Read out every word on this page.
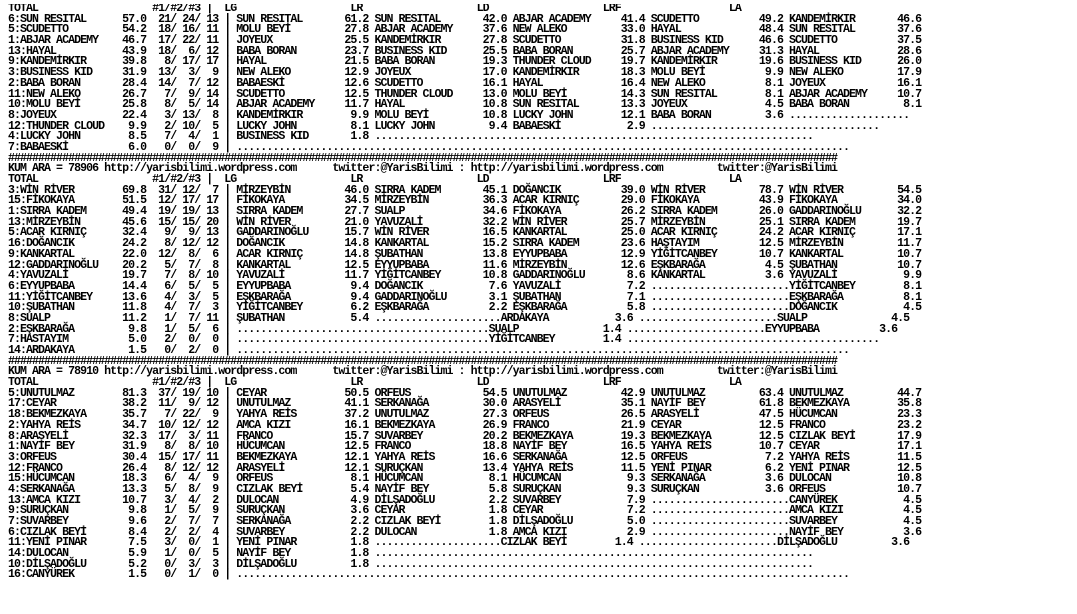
TOTAL                   #1/#2/#3 |  LG                   LR                   LD                   LRF                  LA
6:SUN RESITAL      57.0  21/ 24/ 13 | SUN RESITAL       61.2 SUN RESITAL       42.0 ABJAR ACADEMY     41.4 SCUDETTO          49.2 KANDEMİRKIR       46.6
5:SCUDETTO         54.2  18/ 16/ 11 | MOLU BEYİ         27.8 ABJAR ACADEMY     37.6 NEW ALEKO         33.0 HAYAL             48.4 SUN RESITAL       37.6
1:ABJAR ACADEMY    46.7  17/ 22/ 11 | JOYEUX            25.5 KANDEMİRKIR       27.8 SCUDETTO          31.8 BUSINESS KID      46.6 SCUDETTO          37.5
13:HAYAL           43.9  18/  6/ 12 | BABA BORAN        23.7 BUSINESS KID      25.5 BABA BORAN        25.7 ABJAR ACADEMY     31.3 HAYAL             28.6
9:KANDEMİRKIR      39.8   8/ 17/ 17 | HAYAL             21.5 BABA BORAN        19.3 THUNDER CLOUD     19.7 KANDEMİRKIR       19.6 BUSINESS KID      26.0
3:BUSINESS KID     31.9  13/  3/  9 | NEW ALEKO         12.9 JOYEUX            17.0 KANDEMİRKIR       18.3 MOLU BEYİ          9.9 NEW ALEKO         17.9
2:BABA BORAN       28.4  14/  7/ 12 | BABAESKİ          12.6 SCUDETTO          16.1 HAYAL             16.4 NEW ALEKO          8.1 JOYEUX            16.1
11:NEW ALEKO       26.7   7/  9/ 14 | SCUDETTO          12.5 THUNDER CLOUD     13.0 MOLU BEYİ         14.3 SUN RESITAL        8.1 ABJAR ACADEMY     10.7
10:MOLU BEYİ       25.8   8/  5/ 14 | ABJAR ACADEMY     11.7 HAYAL             10.8 SUN RESITAL       13.3 JOYEUX             4.5 BABA BORAN         8.1
8:JOYEUX           22.4   3/ 13/  8 | KANDEMİRKIR        9.9 MOLU BEYİ         10.8 LUCKY JOHN        12.1 BABA BORAN         3.6 ....................
12:THUNDER CLOUD    9.9   2/ 10/  5 | LUCKY JOHN         8.1 LUCKY JOHN         9.4 BABAESKİ           2.9 ......................................
4:LUCKY JOHN        8.5   7/  4/  1 | BUSINESS KID       1.8 .........................................................................
7:BABAESKİ          6.0   0/  0/  9 | ......................................................................................................
##########################################################################################################################################
KUM ARA = 78906 http://yarisbilimi.wordpress.com      twitter:@YarisBilimi : http://yarisbilimi.wordpress.com         twitter:@YarisBilimi
TOTAL                   #1/#2/#3 |  LG                   LR                   LD                   LRF                  LA
3:WİN RİVER        69.8  31/ 12/  7 | MİRZEYBİN         46.0 SIRRA KADEM       45.1 DOĞANCIK          39.0 WİN RİVER         78.7 WİN RİVER         54.5
15:FİKOKAYA        51.5  12/ 17/ 17 | FİKOKAYA          34.5 MİRZEYBİN         36.3 ACAR KIRNIÇ       29.0 FİKOKAYA          43.9 FİKOKAYA          34.0
1:SIRRA KADEM      49.4  19/ 19/ 13 | SIRRA KADEM       27.7 SUALP             34.6 FİKOKAYA          26.2 SIRRA KADEM       26.0 GADDARINOĞLU      32.2
13:MİRZEYBİN       45.6  15/ 15/ 20 | WİN RİVER         21.0 YAVUZALİ          32.2 WİN RİVER         25.7 MİRZEYBİN         25.1 SIRRA KADEM       19.7
5:ACAR KIRNIÇ      32.4   9/  9/ 13 | GADDARINOĞLU      15.7 WİN RİVER         16.5 KANKARTAL         25.0 ACAR KIRNIÇ       24.2 ACAR KIRNIÇ       17.1
16:DOĞANCIK        24.2   8/ 12/ 12 | DOĞANCIK          14.8 KANKARTAL         15.2 SIRRA KADEM       23.6 HAŞTAYIM          12.5 MİRZEYBİN         11.7
9:KANKARTAL        22.0  12/  8/  6 | ACAR KIRNIÇ       14.8 ŞUBATHAN          13.8 EYYUPBABA         12.9 YİĞİTCANBEY       10.7 KANKARTAL         10.7
12:GADDARINOĞLU    20.2   5/  7/  8 | KANKARTAL         12.5 EYYUPBABA         11.6 MİRZEYBİN         12.6 EŞKBARAĞA          4.5 ŞUBATHAN          10.7
4:YAVUZALİ         19.7   7/  8/ 10 | YAVUZALİ          11.7 YİĞİTCANBEY       10.8 GADDARINOĞLU       8.6 KANKARTAL          3.6 YAVUZALİ           9.9
6:EYYUPBABA        14.4   6/  5/  5 | EYYUPBABA          9.4 DOĞANCIK           7.6 YAVUZALİ           7.2 .......................YİĞİTCANBEY        8.1
11:YİĞİTCANBEY     13.6   4/  3/  5 | EŞKBARAĞA          9.4 GADDARINOĞLU       3.1 ŞUBATHAN           7.1 .......................EŞKBARAĞA          8.1
10:ŞUBATHAN        11.8   4/  7/  3 | YİĞİTCANBEY        6.2 EŞKBARAĞA          2.2 EŞKBARAĞA          5.8 .......................DOĞANCIK           4.5
8:SUALP            11.2   1/  7/ 11 | ŞUBATHAN           5.4 .....................ARDAKAYA           3.6 .......................SUALP              4.5
2:EŞKBARAĞA         9.8   1/  5/  6 | ..........................................SUALP              1.4 .......................EYYUPBABA          3.6
7:HASTAYIM          5.0   2/  0/  0 | ..........................................YİĞİTCANBEY        1.4 ..........................................
14:ARDAKAYA         1.5   0/  2/  0 | ......................................................................................................
##########################################################################################################################################
KUM ARA = 78910 http://yarisbilimi.wordpress.com      twitter:@YarisBilimi : http://yarisbilimi.wordpress.com         twitter:@YarisBilimi
TOTAL                   #1/#2/#3 |  LG                   LR                   LD                   LRF                  LA
5:UNUTULMAZ        81.3  37/ 19/ 10 | CEYAR             50.5 ORFEUS            54.5 UNUTULMAZ         42.9 UNUTULMAZ         63.4 UNUTULMAZ         44.7
17:CEYAR           38.2  11/  9/ 12 | UNUTULMAZ         41.1 SERKANAĞA         30.0 ARASYELİ          35.1 NAYİF BEY         61.8 BEKMEZKAYA        35.8
18:BEKMEZKAYA      35.7   7/ 22/  9 | YAHYA REİS        37.2 UNUTULMAZ         27.3 ORFEUS            26.5 ARASYELİ          47.5 HÜCUMCAN          23.3
2:YAHYA REİS       34.7  10/ 12/ 12 | AMCA KIZI         16.1 BEKMEZKAYA        26.9 FRANCO            21.9 CEYAR             12.5 FRANCO            23.2
8:ARASYELİ         32.3  17/  3/ 11 | FRANCO            15.7 SUVARBEY          20.2 BEKMEZKAYA        19.3 BEKMEZKAYA        12.5 CIZLAK BEYİ       17.9
1:NAYİF BEY        31.9   8/  8/ 10 | HÜCUMCAN          12.5 FRANCO            18.8 NAYİF BEY         16.5 YAHYA REİS        10.7 CEYAR             17.1
3:ORFEUS           30.4  15/ 17/ 11 | BEKMEZKAYA        12.1 YAHYA REİS        16.6 SERKANAĞA         12.5 ORFEUS             7.2 YAHYA REİS        11.5
12:FRANCO          26.4   8/ 12/ 12 | ARASYELİ          12.1 SURUÇKAN          13.4 YAHYA REİS        11.5 YENİ PINAR         6.2 YENİ PINAR        12.5
15:HÜCUMCAN        18.3   6/  4/  9 | ORFEUS             8.1 HÜCUMCAN           8.1 HÜCUMCAN           9.3 SERKANAĞA          3.6 DULOCAN           10.8
4:SERKANAĞA        13.3   5/  8/  9 | CIZLAK BEYİ        5.4 NAYİF BEY          5.8 SURUÇKAN           9.3 SURUÇKAN           3.6 ORFEUS            10.7
13:AMCA KIZI       10.7   3/  4/  2 | DULOCAN            4.9 DİLŞADOĞLU         2.2 SUVARBEY           7.9 .......................CANYÜREK           4.5
9:SURUÇKAN          9.8   1/  5/  9 | SURUÇKAN           3.6 CEYAR              1.8 CEYAR              7.2 .......................AMCA KIZI          4.5
7:SUVARBEY          9.6   2/  7/  7 | SERKANAĞA          2.2 CIZLAK BEYİ        1.8 DİLŞADOĞLU         5.0 .......................SUVARBEY           4.5
6:CIZLAK BEYİ       8.4   2/  2/  4 | SUVARBEY           2.2 DULOCAN            1.8 AMCA KIZI          2.9 .......................NAYİF BEY          3.6
11:YENİ PINAR       7.5   3/  0/  1 | YENİ PINAR         1.8 .....................CIZLAK BEYİ        1.4 .......................DİLŞADOĞLU         3.6
14:DULOCAN          5.9   1/  0/  5 | NAYİF BEY          1.8 .........................................................................
10:DİLŞADOĞLU       5.2   0/  3/  3 | DİLŞADOĞLU         1.8 .........................................................................
16:CANYÜREK         1.5   0/  1/  0 | ......................................................................................................
